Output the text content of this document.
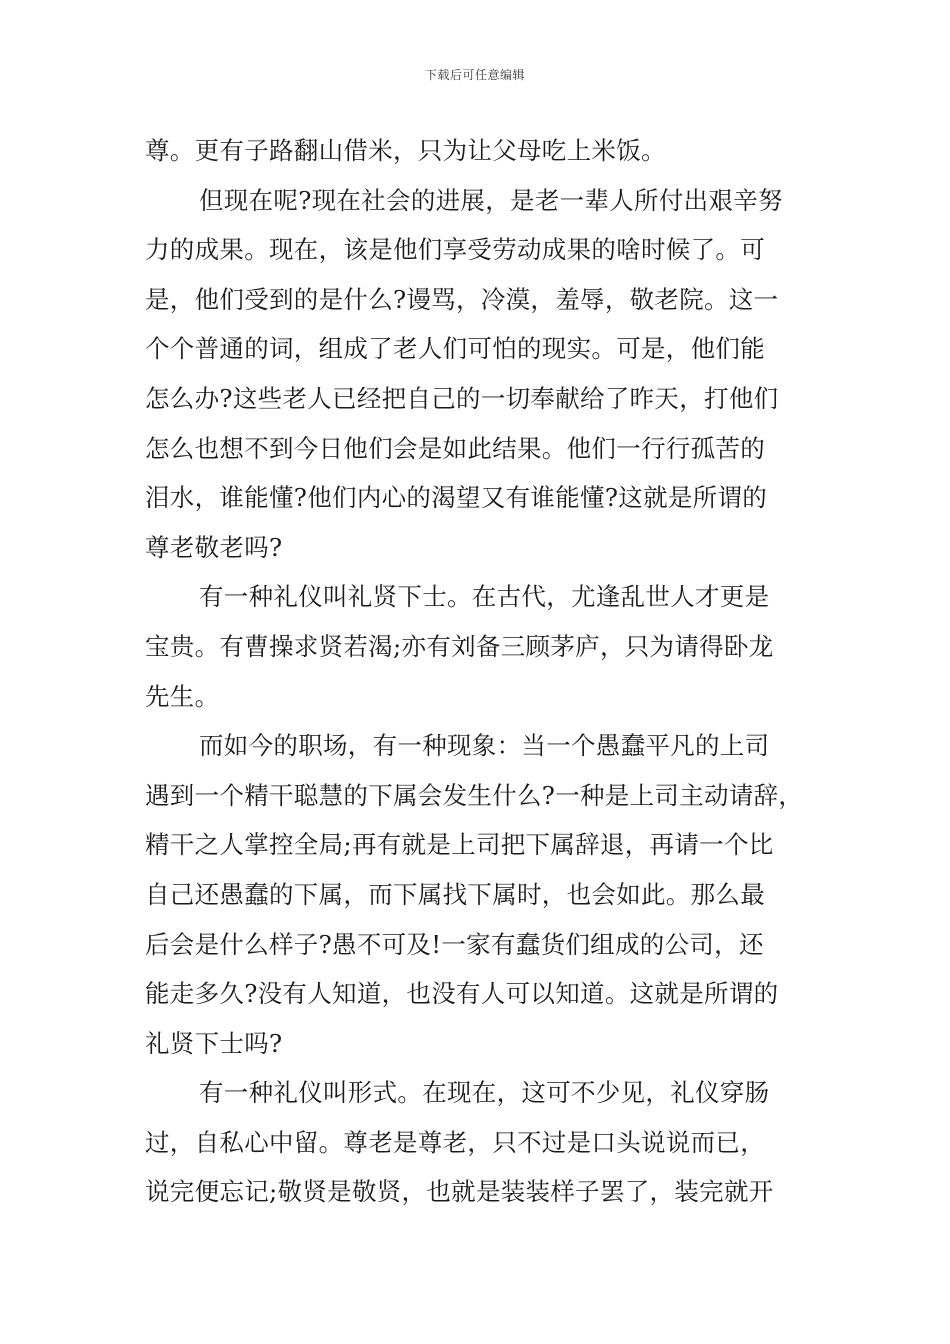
下载后可任意编辑
尊。更有子路翻山借米，只为让父母吃上米饭。
但现在呢?现在社会的进展，是老一辈人所付出艰辛努
力的成果。现在，该是他们享受劳动成果的啥时候了。可
是，他们受到的是什么?谩骂，冷漠，羞辱，敬老院。这一
个个普通的词，组成了老人们可怕的现实。可是，他们能
怎么办?这些老人已经把自己的一切奉献给了昨天，打他们
怎么也想不到今日他们会是如此结果。他们一行行孤苦的
泪水，谁能懂?他们内心的渴望又有谁能懂?这就是所谓的
尊老敬老吗?
有一种礼仪叫礼贤下士。在古代，尤逢乱世人才更是
宝贵。有曹操求贤若渴;亦有刘备三顾茅庐，只为请得卧龙
先生。
而如今的职场，有一种现象：当一个愚蠢平凡的上司
遇到一个精干聪慧的下属会发生什么?一种是上司主动请辞，
精干之人掌控全局;再有就是上司把下属辞退，再请一个比
自己还愚蠢的下属，而下属找下属时，也会如此。那么最
后会是什么样子?愚不可及!一家有蠢货们组成的公司，还
能走多久?没有人知道，也没有人可以知道。这就是所谓的
礼贤下士吗?
有一种礼仪叫形式。在现在，这可不少见，礼仪穿肠
过，自私心中留。尊老是尊老，只不过是口头说说而已，
说完便忘记;敬贤是敬贤，也就是装装样子罢了，装完就开
